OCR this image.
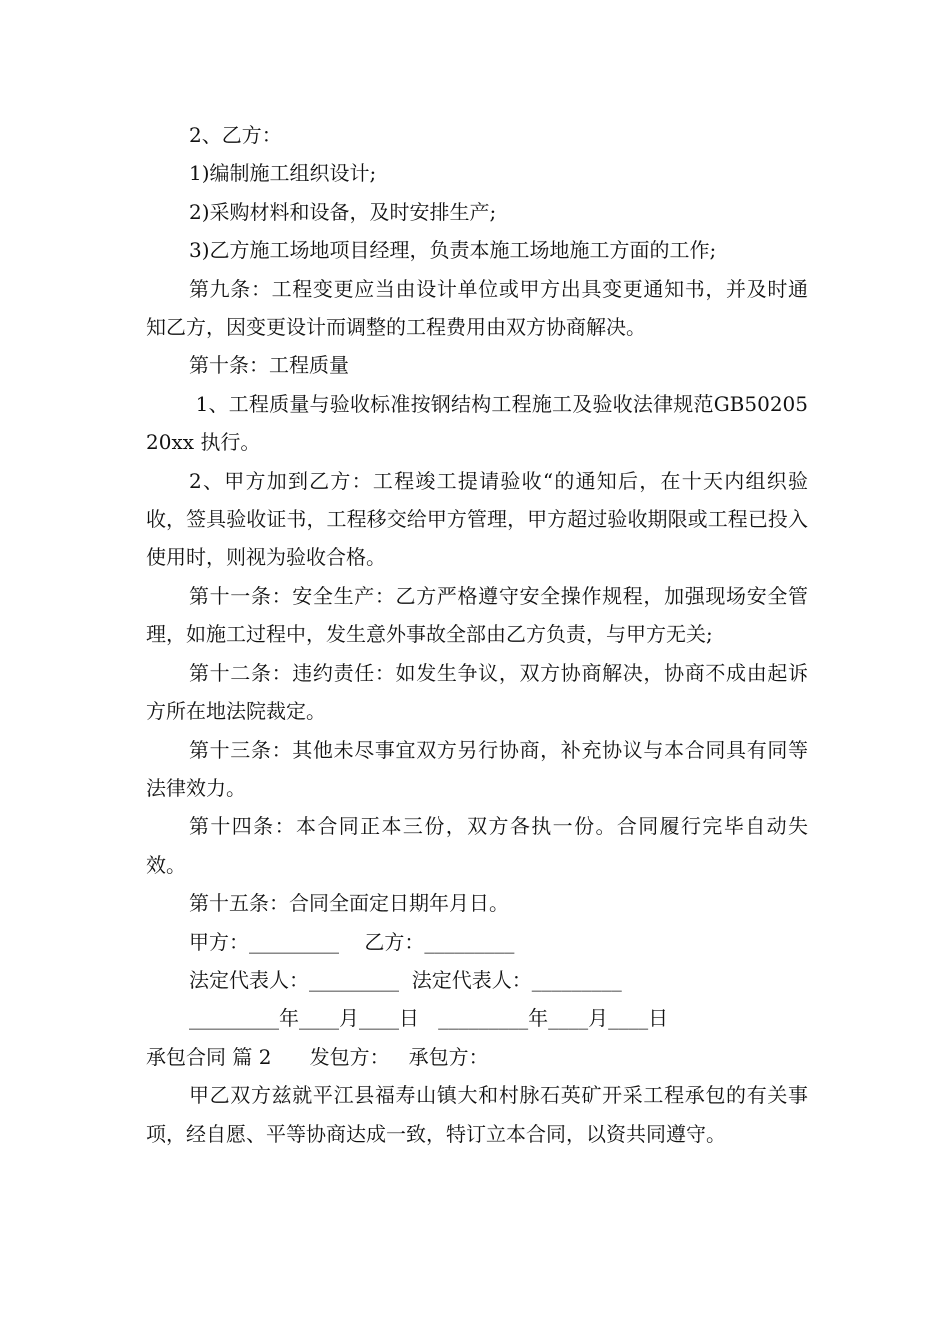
2、乙方：

1)编制施工组织设计;

2)采购材料和设备，及时安排生产;

3)乙方施工场地项目经理，负责本施工场地施工方面的工作;

第九条：工程变更应当由设计单位或甲方出具变更通知书，并及时通知乙方，因变更设计而调整的工程费用由双方协商解决。

第十条：工程质量

1、工程质量与验收标准按钢结构工程施工及验收法律规范GB5020520xx 执行。

2、甲方加到乙方：工程竣工提请验收“的通知后，在十天内组织验收，签具验收证书，工程移交给甲方管理，甲方超过验收期限或工程已投入使用时，则视为验收合格。

第十一条：安全生产：乙方严格遵守安全操作规程，加强现场安全管理，如施工过程中，发生意外事故全部由乙方负责，与甲方无关;

第十二条：违约责任：如发生争议，双方协商解决，协商不成由起诉方所在地法院裁定。

第十三条：其他未尽事宜双方另行协商，补充协议与本合同具有同等法律效力。

第十四条：本合同正本三份，双方各执一份。合同履行完毕自动失效。

第十五条：合同全面定日期年月日。

甲方：_________    乙方：_________

法定代表人：_________  法定代表人：_________

_________年____月____日   _________年____月____日

承包合同 篇 2      发包方：   承包方：

甲乙双方兹就平江县福寿山镇大和村脉石英矿开采工程承包的有关事项，经自愿、平等协商达成一致，特订立本合同，以资共同遵守。
